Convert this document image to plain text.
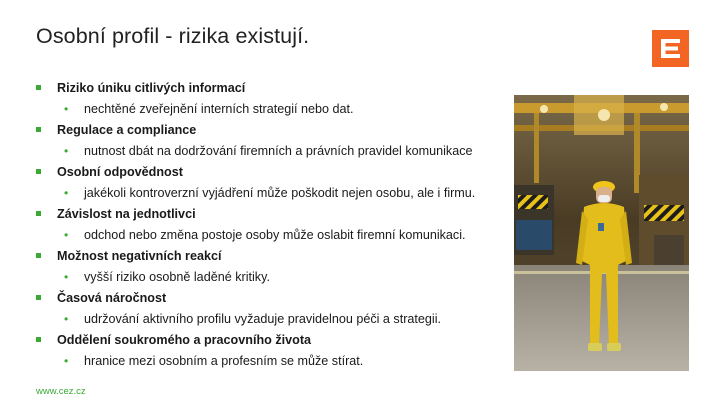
Osobní profil - rizika existují.
Riziko úniku citlivých informací
• nechtěné zveřejnění interních strategií nebo dat.
Regulace a compliance
• nutnost dbát na dodržování firemních a právních pravidel komunikace
Osobní odpovědnost
• jakékoli kontroverzní vyjádření může poškodit nejen osobu, ale i firmu.
Závislost na jednotlivci
• odchod nebo změna postoje osoby může oslabit firemní komunikaci.
Možnost negativních reakcí
• vyšší riziko osobně laděné kritiky.
Časová náročnost
• udržování aktivního profilu vyžaduje pravidelnou péči a strategii.
Oddělení soukromého a pracovního života
• hranice mezi osobním a profesním se může stírat.
www.cez.cz
